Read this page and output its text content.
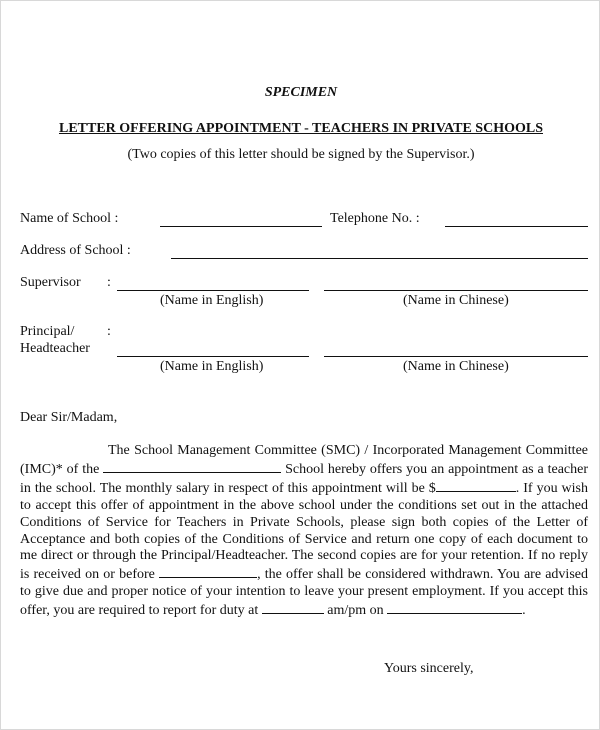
SPECIMEN
LETTER OFFERING APPOINTMENT - TEACHERS IN PRIVATE SCHOOLS
(Two copies of this letter should be signed by the Supervisor.)
Name of School :	Telephone No. :
Address of School :
Supervisor :
(Name in English)	(Name in Chinese)
Principal/ :
Headteacher
(Name in English)	(Name in Chinese)
Dear Sir/Madam,

The School Management Committee (SMC) / Incorporated Management Committee (IMC)* of the	School hereby offers you an appointment as a teacher in the school. The monthly salary in respect of this appointment will be $	. If you wish to accept this offer of appointment in the above school under the conditions set out in the attached Conditions of Service for Teachers in Private Schools, please sign both copies of the Letter of Acceptance and both copies of the Conditions of Service and return one copy of each document to me direct or through the Principal/Headteacher. The second copies are for your retention. If no reply is received on or before	, the offer shall be considered withdrawn. You are advised to give due and proper notice of your intention to leave your present employment. If you accept this offer, you are required to report for duty at	am/pm on	.

Yours sincerely,
